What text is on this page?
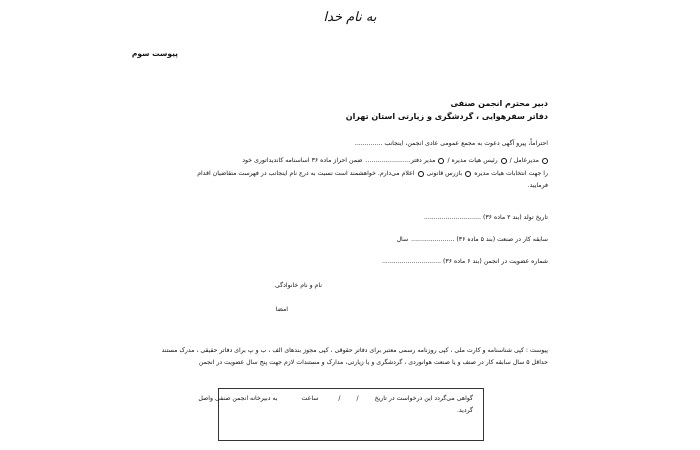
به نام خدا
پیوست سوم
دبیر محترم انجمن صنفی
دفاتر سفرهوایی ، گردشگری و زیارتی استان تهران
احتراماً، پیرو آگهی دعوت به مجمع عمومی عادی انجمن، اینجانب ..............
مدیرعامل /
رئیس هیات مدیره /
مدیر دفتر.......................
ضمن احراز ماده ۳۶ اساسنامه کاندیداتوری خود
را جهت انتخابات هیات مدیره
بازرس قانونی
اعلام می‌دارم. خواهشمند است نسبت به درج نام اینجانب در فهرست متقاضیان اقدام
فرمایید.
تاریخ تولد (بند ۲ ماده ۳۶) .............................
سابقه کار در صنعت (بند ۵ ماده ۳۶) ......................
سال
شماره عضویت در انجمن (بند ۶ ماده ۳۶) ..............................
نام و نام خانوادگی
امضا
پیوست : کپی شناسنامه و کارت ملی ، کپی روزنامه رسمی معتبر برای دفاتر حقوقی ، کپی مجوز بندهای الف ، ب و پ برای دفاتر حقیقی ، مدرک مستند
حداقل ۵ سال سابقه کار در صنف و یا صنعت هوانوردی ، گردشگری و یا زیارتی، مدارک و مستندات لازم جهت پنج سال عضویت در انجمن
گواهی می‌گردد این درخواست در تاریخ
/
/
ساعت
به دبیرخانه انجمن صنفی واصل
گردید.
